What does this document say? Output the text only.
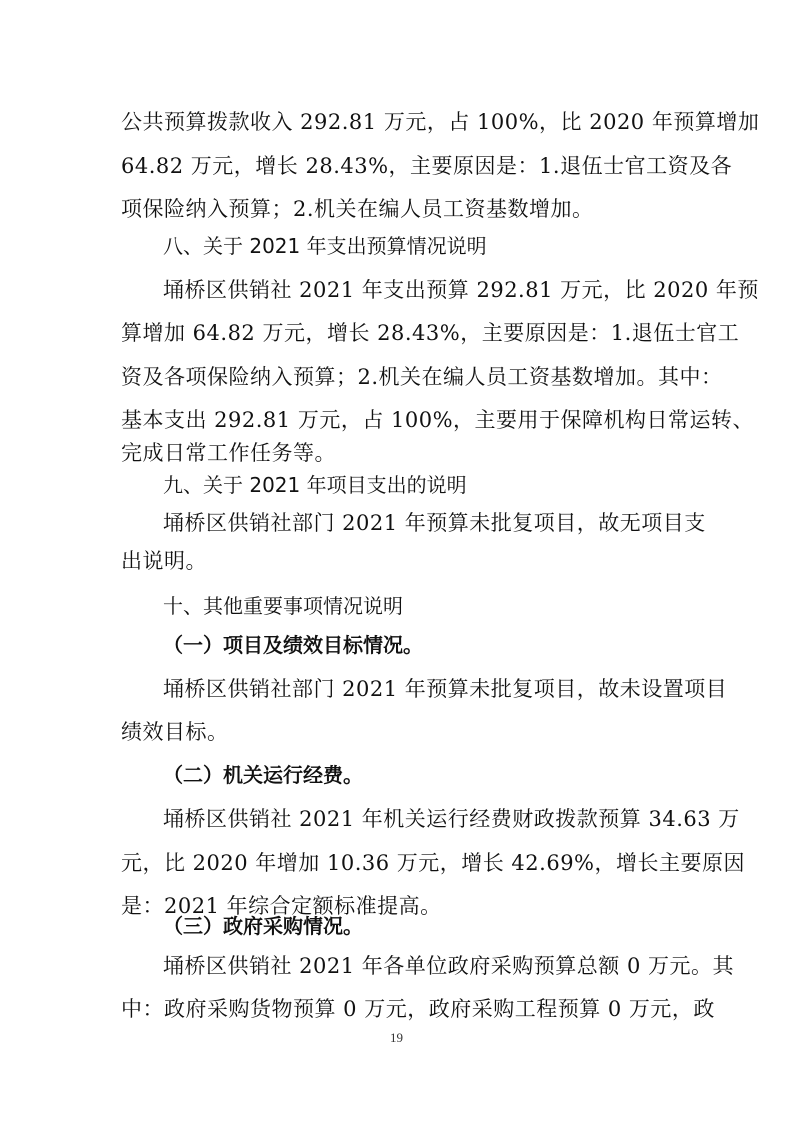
公共预算拨款收入 292.81 万元，占 100%，比 2020 年预算增加
64.82 万元，增长 28.43%，主要原因是：1.退伍士官工资及各
项保险纳入预算；2.机关在编人员工资基数增加。
八、关于 2021 年支出预算情况说明
埇桥区供销社 2021 年支出预算 292.81 万元，比 2020 年预
算增加 64.82 万元，增长 28.43%，主要原因是：1.退伍士官工
资及各项保险纳入预算；2.机关在编人员工资基数增加。其中：
基本支出 292.81 万元，占 100%，主要用于保障机构日常运转、
完成日常工作任务等。
九、关于 2021 年项目支出的说明
埇桥区供销社部门 2021 年预算未批复项目，故无项目支
出说明。
十、其他重要事项情况说明
（一）项目及绩效目标情况。
埇桥区供销社部门 2021 年预算未批复项目，故未设置项目
绩效目标。
（二）机关运行经费。
埇桥区供销社 2021 年机关运行经费财政拨款预算 34.63 万
元，比 2020 年增加 10.36 万元，增长 42.69%，增长主要原因
是：2021 年综合定额标准提高。
（三）政府采购情况。
19
埇桥区供销社 2021 年各单位政府采购预算总额 0 万元。其
中：政府采购货物预算 0 万元，政府采购工程预算 0 万元，政
